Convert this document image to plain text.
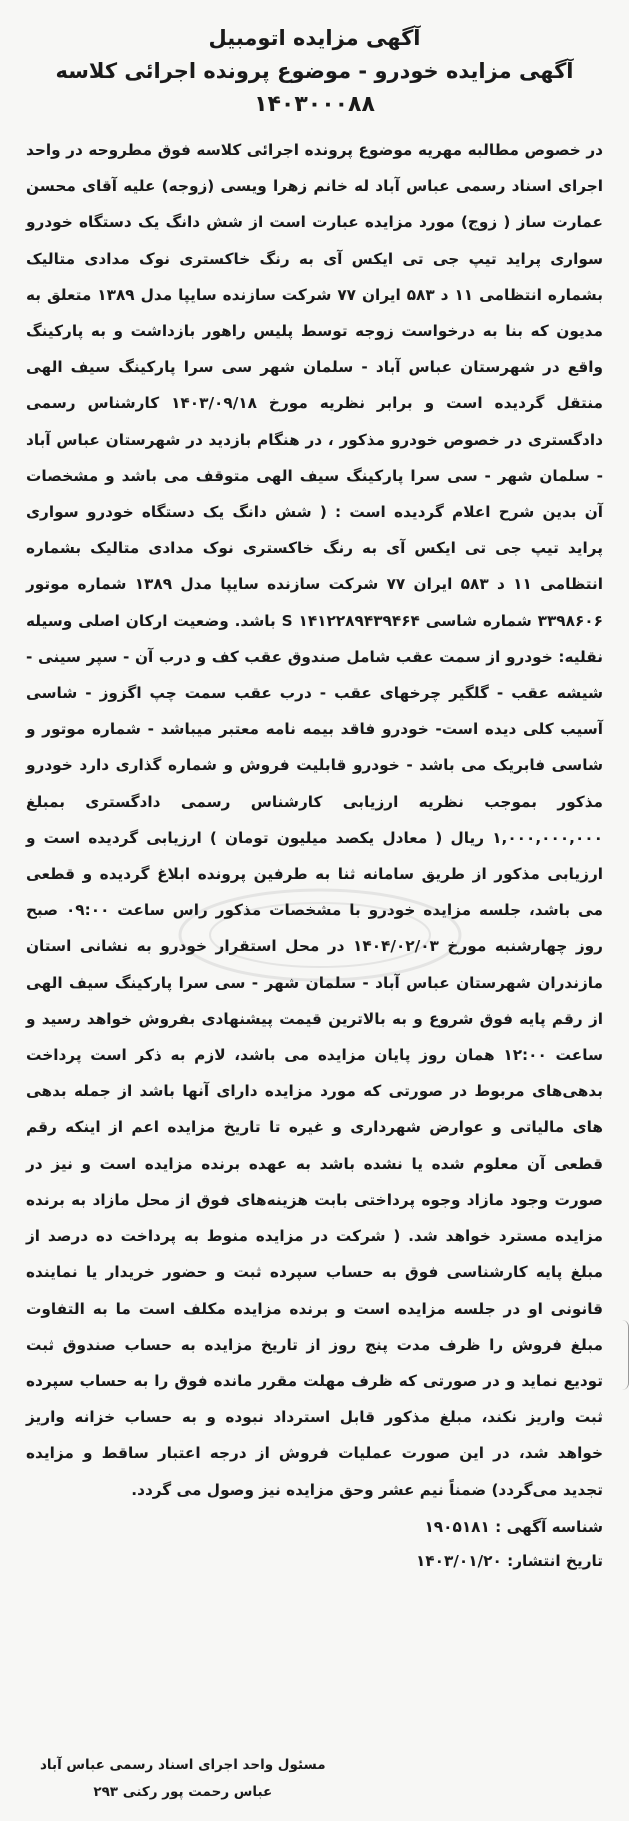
آگهی مزایده اتومبیل
آگهی مزایده خودرو - موضوع پرونده اجرائی کلاسه
۱۴۰۳۰۰۰۸۸

در خصوص مطالبه مهریه موضوع پرونده اجرائی کلاسه فوق مطروحه در واحد اجرای اسناد رسمی عباس آباد له خانم زهرا ویسی (زوجه) علیه آقای محسن عمارت ساز ( زوج) مورد مزایده عبارت است از شش دانگ یک دستگاه خودرو سواری پراید تیپ جی تی ایکس آی به رنگ خاکستری نوک مدادی متالیک بشماره انتظامی ۱۱ د ۵۸۳ ایران ۷۷ شرکت سازنده سایپا مدل ۱۳۸۹ متعلق به مدیون که بنا به درخواست زوجه توسط پلیس راهور بازداشت و به پارکینگ واقع در شهرستان عباس آباد - سلمان شهر سی سرا پارکینگ سیف الهی منتقل گردیده است و برابر نظریه مورخ ۱۴۰۳/۰۹/۱۸ کارشناس رسمی دادگستری در خصوص خودرو مذکور ، در هنگام بازدید در شهرستان عباس آباد - سلمان شهر - سی سرا پارکینگ سیف الهی متوقف می باشد و مشخصات آن بدین شرح اعلام گردیده است : ( شش دانگ یک دستگاه خودرو سواری پراید تیپ جی تی ایکس آی به رنگ خاکستری نوک مدادی متالیک بشماره انتظامی ۱۱ د ۵۸۳ ایران ۷۷ شرکت سازنده سایپا مدل ۱۳۸۹ شماره موتور ۳۳۹۸۶۰۶ شماره شاسی S ۱۴۱۲۲۸۹۴۳۹۴۶۴ باشد. وضعیت ارکان اصلی وسیله نقلیه: خودرو از سمت عقب شامل صندوق عقب کف و درب آن - سپر سینی - شیشه عقب - گلگیر چرخهای عقب - درب عقب سمت چپ اگزوز - شاسی آسیب کلی دیده است- خودرو فاقد بیمه نامه معتبر میباشد - شماره موتور و شاسی فابریک می باشد - خودرو قابلیت فروش و شماره گذاری دارد خودرو مذکور بموجب نظریه ارزیابی کارشناس رسمی دادگستری بمبلغ ۱,۰۰۰,۰۰۰,۰۰۰ ریال ( معادل یکصد میلیون تومان ) ارزیابی گردیده است و ارزیابی مذکور از طریق سامانه ثنا به طرفین پرونده ابلاغ گردیده و قطعی می باشد، جلسه مزایده خودرو با مشخصات مذکور راس ساعت ۰۹:۰۰ صبح روز چهارشنبه مورخ ۱۴۰۴/۰۲/۰۳ در محل استقرار خودرو به نشانی استان مازندران شهرستان عباس آباد - سلمان شهر - سی سرا پارکینگ سیف الهی از رقم پایه فوق شروع و به بالاترین قیمت پیشنهادی بفروش خواهد رسید و ساعت ۱۲:۰۰ همان روز پایان مزایده می باشد، لازم به ذکر است پرداخت بدهی‌های مربوط در صورتی که مورد مزایده دارای آنها باشد از جمله بدهی های مالیاتی و عوارض شهرداری و غیره تا تاریخ مزایده اعم از اینکه رقم قطعی آن معلوم شده یا نشده باشد به عهده برنده مزایده است و نیز در صورت وجود مازاد وجوه پرداختی بابت هزینه‌های فوق از محل مازاد به برنده مزایده مسترد خواهد شد. ( شرکت در مزایده منوط به پرداخت ده درصد از مبلغ پایه کارشناسی فوق به حساب سپرده ثبت و حضور خریدار یا نماینده قانونی او در جلسه مزایده است و برنده مزایده مکلف است ما به التفاوت مبلغ فروش را ظرف مدت پنج روز از تاریخ مزایده به حساب صندوق ثبت تودیع نماید و در صورتی که ظرف مهلت مقرر مانده فوق را به حساب سپرده ثبت واریز نکند، مبلغ مذکور قابل استرداد نبوده و به حساب خزانه واریز خواهد شد، در این صورت عملیات فروش از درجه اعتبار ساقط و مزایده تجدید می‌گردد) ضمناً نیم عشر وحق مزایده نیز وصول می گردد.

شناسه آگهی : ۱۹۰۵۱۸۱
تاریخ انتشار: ۱۴۰۳/۰۱/۲۰
مسئول واحد اجرای اسناد رسمی عباس آباد
عباس رحمت پور رکنی ۲۹۳
